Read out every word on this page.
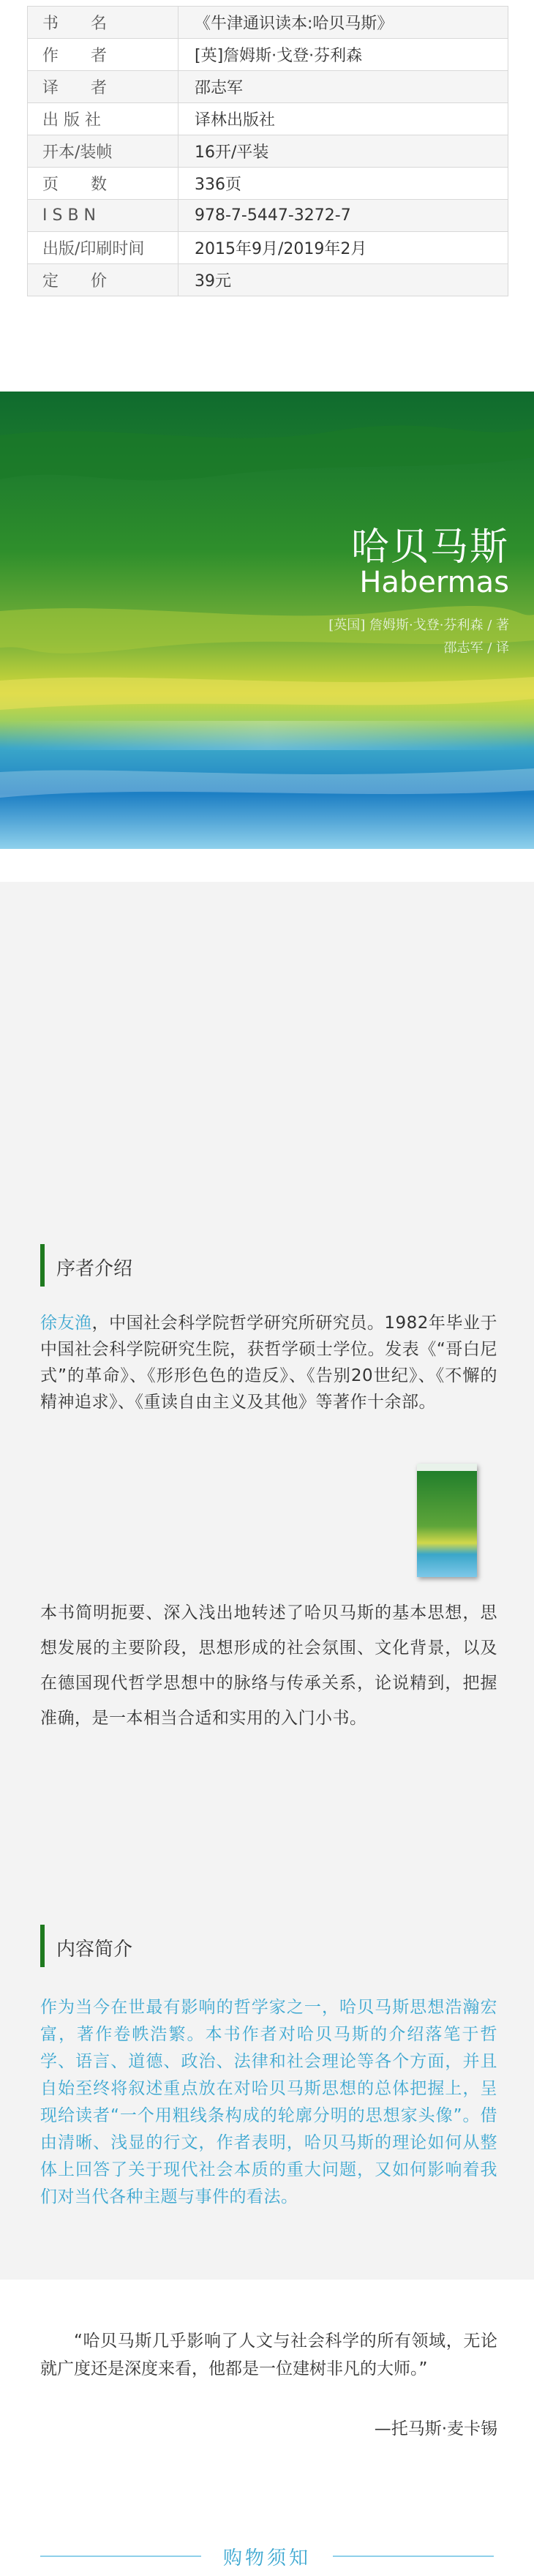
书　　名	《牛津通识读本:哈贝马斯》
作　　者	[英]詹姆斯·戈登·芬利森
译　　者	邵志军
出 版 社	译林出版社
开本/装帧	16开/平装
页　　数	336页
I S B N	978-7-5447-3272-7
出版/印刷时间	2015年9月/2019年2月
定　　价	39元
哈贝马斯
Habermas
[英国] 詹姆斯·戈登·芬利森 / 著
邵志军 / 译

序者介绍

徐友渔，中国社会科学院哲学研究所研究员。1982年毕业于中国社会科学院研究生院，获哲学硕士学位。发表《“哥白尼式”的革命》、《形形色色的造反》、《告别20世纪》、《不懈的精神追求》、《重读自由主义及其他》等著作十余部。

本书简明扼要、深入浅出地转述了哈贝马斯的基本思想，思想发展的主要阶段，思想形成的社会氛围、文化背景，以及在德国现代哲学思想中的脉络与传承关系，论说精到，把握准确，是一本相当合适和实用的入门小书。

内容简介

作为当今在世最有影响的哲学家之一，哈贝马斯思想浩瀚宏富，著作卷帙浩繁。本书作者对哈贝马斯的介绍落笔于哲学、语言、道德、政治、法律和社会理论等各个方面，并且自始至终将叙述重点放在对哈贝马斯思想的总体把握上，呈现给读者“一个用粗线条构成的轮廓分明的思想家头像”。借由清晰、浅显的行文，作者表明，哈贝马斯的理论如何从整体上回答了关于现代社会本质的重大问题，又如何影响着我们对当代各种主题与事件的看法。

“哈贝马斯几乎影响了人文与社会科学的所有领域，无论就广度还是深度来看，他都是一位建树非凡的大师。”

—托马斯·麦卡锡
购物须知
